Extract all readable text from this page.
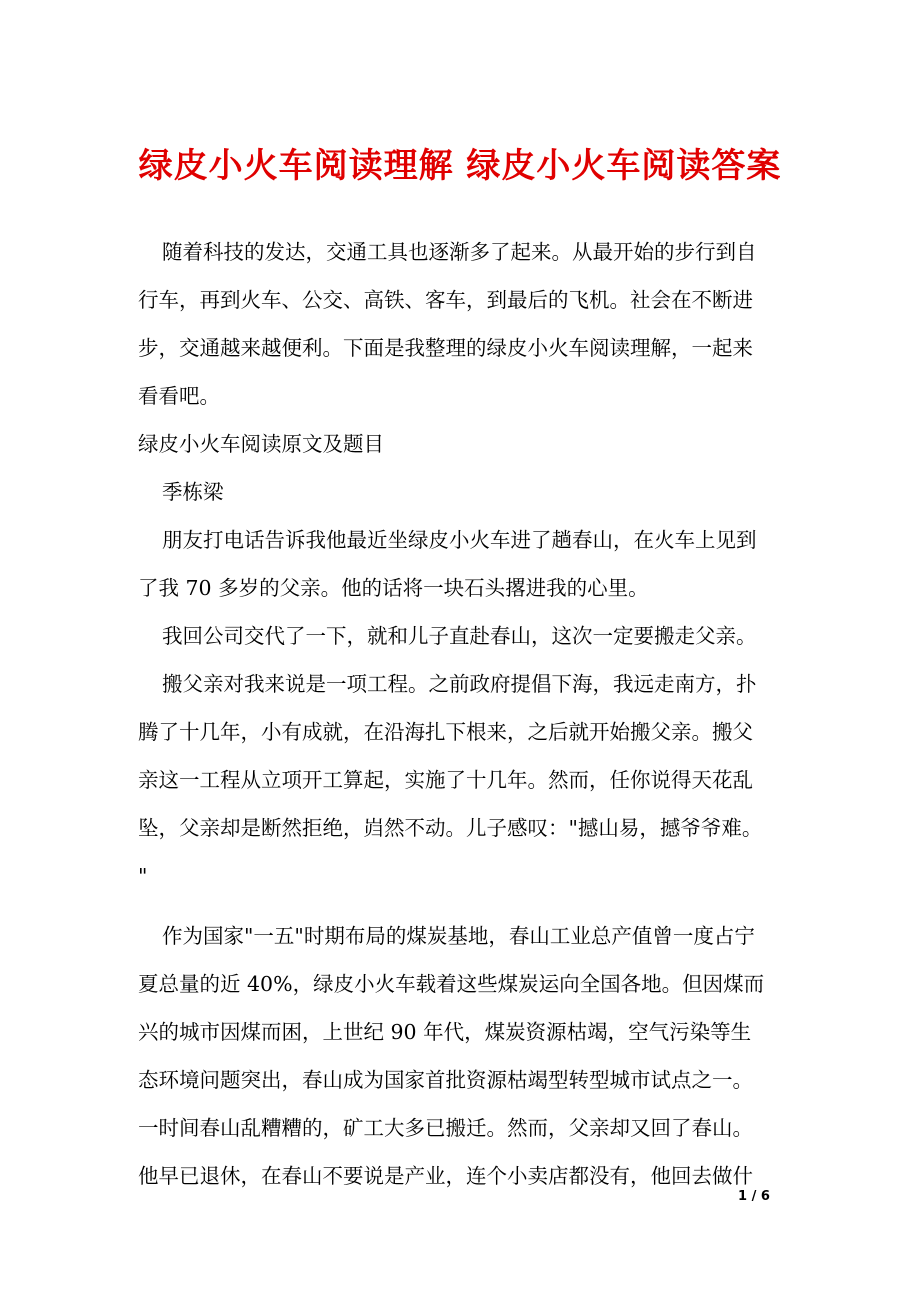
绿皮小火车阅读理解 绿皮小火车阅读答案
随着科技的发达，交通工具也逐渐多了起来。从最开始的步行到自
行车，再到火车、公交、高铁、客车，到最后的飞机。社会在不断进
步，交通越来越便利。下面是我整理的绿皮小火车阅读理解，一起来
看看吧。
绿皮小火车阅读原文及题目
季栋梁
朋友打电话告诉我他最近坐绿皮小火车进了趟春山，在火车上见到
了我 70 多岁的父亲。他的话将一块石头撂进我的心里。
我回公司交代了一下，就和儿子直赴春山，这次一定要搬走父亲。
搬父亲对我来说是一项工程。之前政府提倡下海，我远走南方，扑
腾了十几年，小有成就，在沿海扎下根来，之后就开始搬父亲。搬父
亲这一工程从立项开工算起，实施了十几年。然而，任你说得天花乱
坠，父亲却是断然拒绝，岿然不动。儿子感叹："撼山易，撼爷爷难。
"
作为国家"一五"时期布局的煤炭基地，春山工业总产值曾一度占宁
夏总量的近 40%，绿皮小火车载着这些煤炭运向全国各地。但因煤而
兴的城市因煤而困，上世纪 90 年代，煤炭资源枯竭，空气污染等生
态环境问题突出，春山成为国家首批资源枯竭型转型城市试点之一。
一时间春山乱糟糟的，矿工大多已搬迁。然而，父亲却又回了春山。
他早已退休，在春山不要说是产业，连个小卖店都没有，他回去做什
1 / 6
